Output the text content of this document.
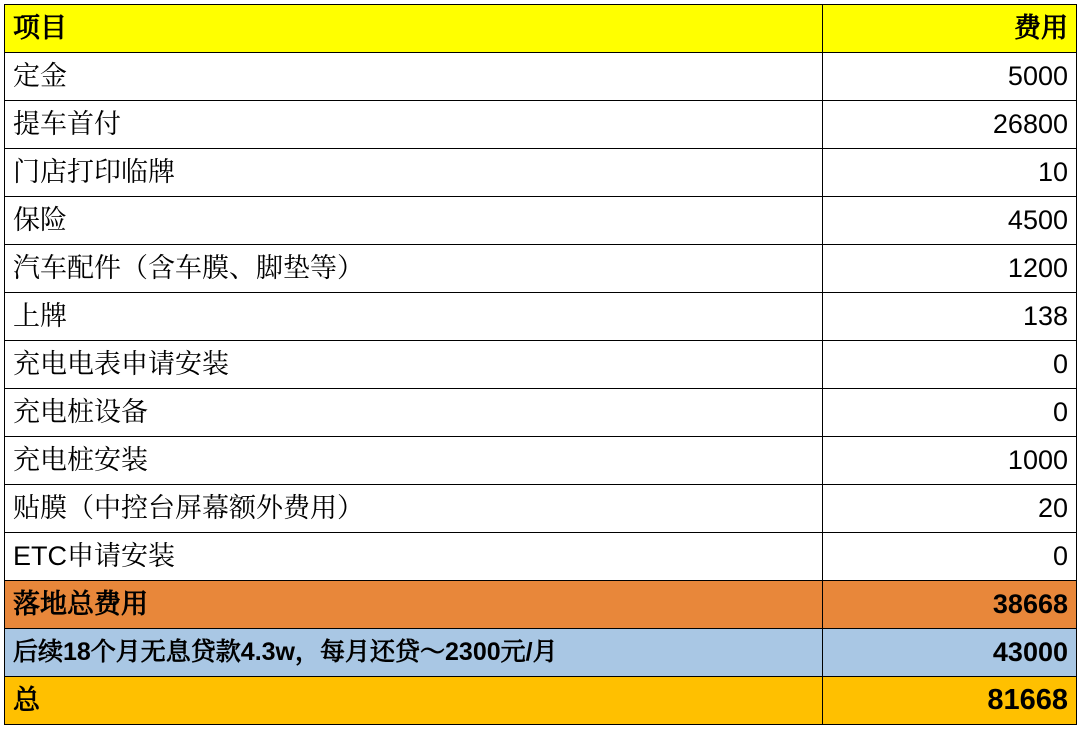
项目	费用
定金	5000
提车首付	26800
门店打印临牌	10
保险	4500
汽车配件（含车膜、脚垫等）	1200
上牌	138
充电电表申请安装	0
充电桩设备	0
充电桩安装	1000
贴膜（中控台屏幕额外费用）	20
ETC申请安装	0
落地总费用	38668
后续18个月无息贷款4.3w，每月还贷～2300元/月	43000
总	81668
